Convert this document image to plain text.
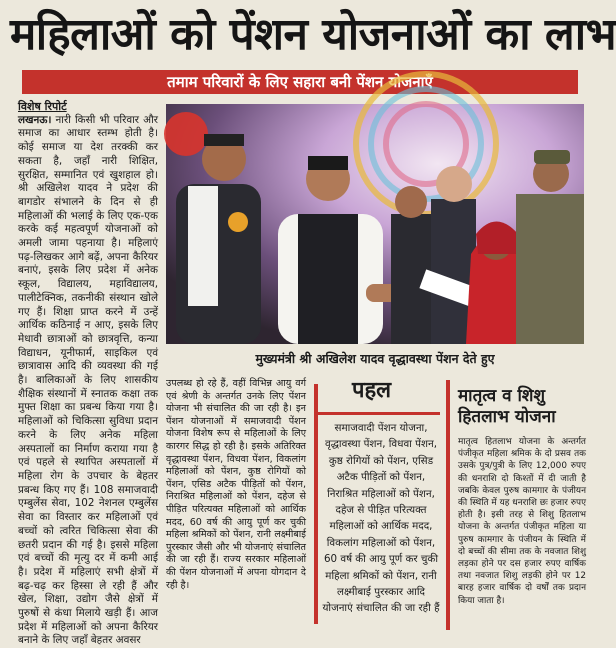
महिलाओं को पेंशन योजनाओं का लाभ
तमाम परिवारों के लिए सहारा बनी पेंशन योजनाएँ
विशेष रिपोर्ट

लखनऊ। नारी किसी भी परिवार और समाज का आधार स्तम्भ होती है। कोई समाज या देश तरक्की कर सकता है, जहाँ नारी शिक्षित, सुरक्षित, सम्मानित एवं खुशहाल हो। श्री अखिलेश यादव ने प्रदेश की बागडोर संभालने के दिन से ही महिलाओं की भलाई के लिए एक-एक करके कई महत्वपूर्ण योजनाओं को अमली जामा पहनाया है। महिलाएं पढ़-लिखकर आगे बढ़ें, अपना कैरियर बनाएं, इसके लिए प्रदेश में अनेक स्कूल, विद्यालय, महाविद्यालय, पालीटेक्निक, तकनीकी संस्थान खोले गए हैं। शिक्षा प्राप्त करने में उन्हें आर्थिक कठिनाई न आए, इसके लिए मेधावी छात्राओं को छात्रवृत्ति, कन्या विद्याधन, यूनीफार्म, साइकिल एवं छात्रावास आदि की व्यवस्था की गई है। बालिकाओं के लिए शासकीय शैक्षिक संस्थानों में स्नातक कक्षा तक मुफ्त शिक्षा का प्रबन्ध किया गया है। महिलाओं को चिकित्सा सुविधा प्रदान करने के लिए अनेक महिला अस्पतालों का निर्माण कराया गया है एवं पहले से स्थापित अस्पतालों में महिला रोग के उपचार के बेहतर प्रबन्ध किए गए हैं। 108 समाजवादी एम्बुलेंस सेवा, 102 नेशनल एम्बुलेंस सेवा का विस्तार कर महिलाओं एवं बच्चों को त्वरित चिकित्सा सेवा की छतरी प्रदान की गई है। इससे महिला एवं बच्चों की मृत्यु दर में कमी आई है। प्रदेश में महिलाएं सभी क्षेत्रों में बढ़-चढ़ कर हिस्सा ले रही हैं और खेल, शिक्षा, उद्योग जैसे क्षेत्रों में पुरुषों से कंधा मिलाये खड़ी हैं। आज प्रदेश में महिलाओं को अपना कैरियर बनाने के लिए जहाँ बेहतर अवसर

मुख्यमंत्री श्री अखिलेश यादव वृद्धावस्था पेंशन देते हुए

उपलब्ध हो रहे हैं, वहीं विभिन्न आयु वर्ग एवं श्रेणी के अन्तर्गत उनके लिए पेंशन योजना भी संचालित की जा रही है। इन पेंशन योजनाओं में समाजवादी पेंशन योजना विशेष रूप से महिलाओं के लिए कारगर सिद्ध हो रही है। इसके अतिरिक्त वृद्धावस्था पेंशन, विधवा पेंशन, विकलांग महिलाओं को पेंशन, कुष्ठ रोगियों को पेंशन, एसिड अटैक पीड़ितों को पेंशन, निराश्रित महिलाओं को पेंशन, दहेज से पीड़ित परित्यक्त महिलाओं को आर्थिक मदद, 60 वर्ष की आयु पूर्ण कर चुकी महिला श्रमिकों को पेंशन, रानी लक्ष्मीबाई पुरस्कार जैसी और भी योजनाएं संचालित की जा रही हैं। राज्य सरकार महिलाओं की पेंशन योजनाओं में अपना योगदान दे रही है।

पहल
समाजवादी पेंशन योजना, वृद्धावस्था पेंशन, विधवा पेंशन, कुष्ठ रोगियों को पेंशन, एसिड अटैक पीड़ितों को पेंशन, निराश्रित महिलाओं को पेंशन, दहेज से पीड़ित परित्यक्त महिलाओं को आर्थिक मदद, विकलांग महिलाओं को पेंशन, 60 वर्ष की आयु पूर्ण कर चुकी महिला श्रमिकों को पेंशन, रानी लक्ष्मीबाई पुरस्कार आदि योजनाएं संचालित की जा रही हैं
मातृत्व व शिशु हितलाभ योजना
मातृत्व हितलाभ योजना के अन्तर्गत पंजीकृत महिला श्रमिक के दो प्रसव तक उसके पुत्र/पुत्री के लिए 12,000 रुपए की धनराशि दो किश्तों में दी जाती है जबकि केवल पुरुष कामगार के पंजीयन की स्थिति में यह धनराशि छः हजार रुपए होती है। इसी तरह से शिशु हितलाभ योजना के अन्तर्गत पंजीकृत महिला या पुरुष कामगार के पंजीयन के स्थिति में दो बच्चों की सीमा तक के नवजात शिशु लड़का होने पर दस हजार रुपए वार्षिक तथा नवजात शिशु लड़की होने पर 12 बारह हजार वार्षिक दो वर्षों तक प्रदान किया जाता है।
